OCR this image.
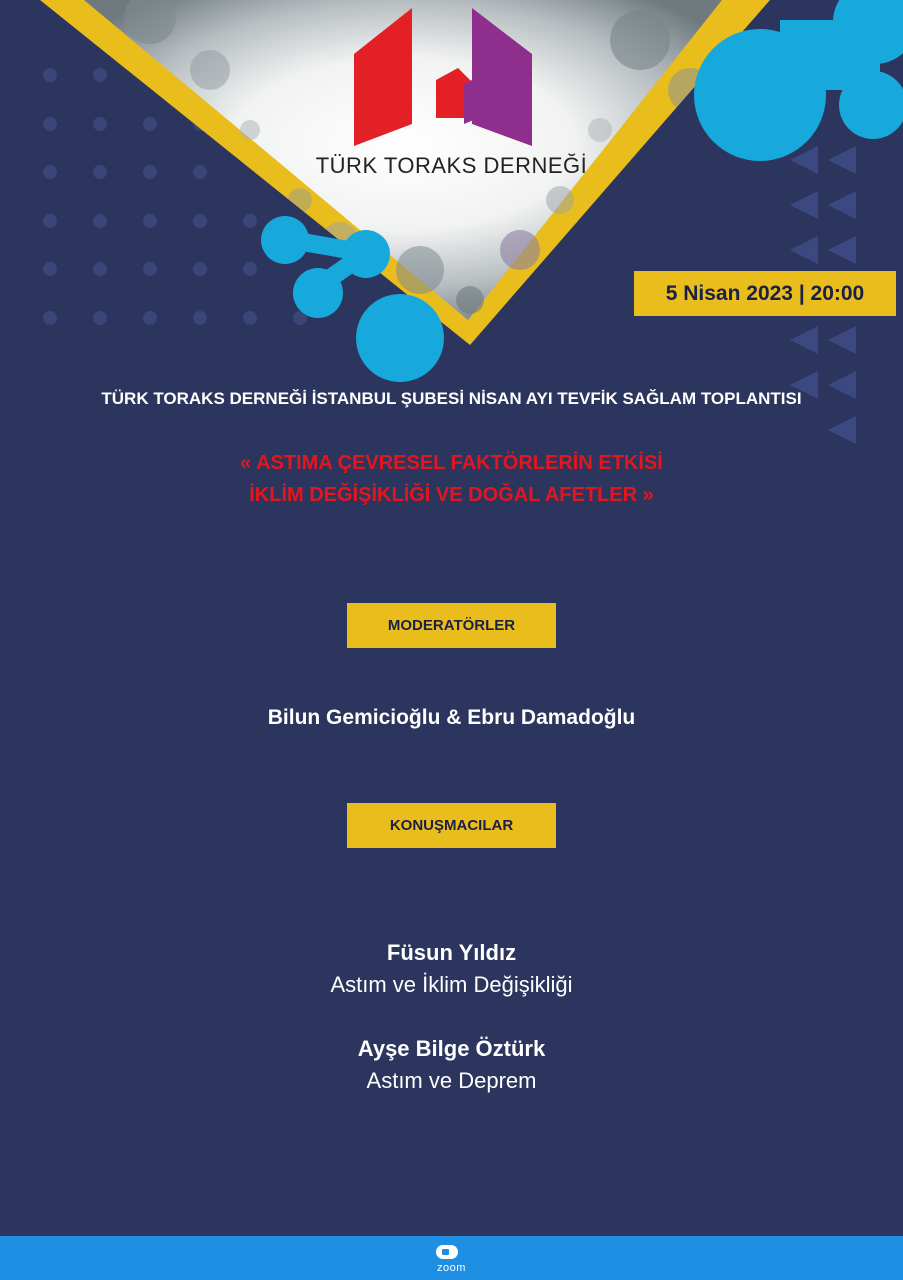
TÜRK TORAKS DERNEĞİ
5 Nisan 2023 | 20:00
TÜRK TORAKS DERNEĞİ İSTANBUL ŞUBESİ NİSAN AYI TEVFİK SAĞLAM TOPLANTISI
« ASTIMA ÇEVRESEL FAKTÖRLERİN ETKİSİ
İKLİM DEĞİŞİKLİĞİ VE DOĞAL AFETLER »
MODERATÖRLER
Bilun Gemicioğlu & Ebru Damadoğlu
KONUŞMACILAR
Füsun Yıldız
Astım ve İklim Değişikliği
Ayşe Bilge Öztürk
Astım ve Deprem
zoom
